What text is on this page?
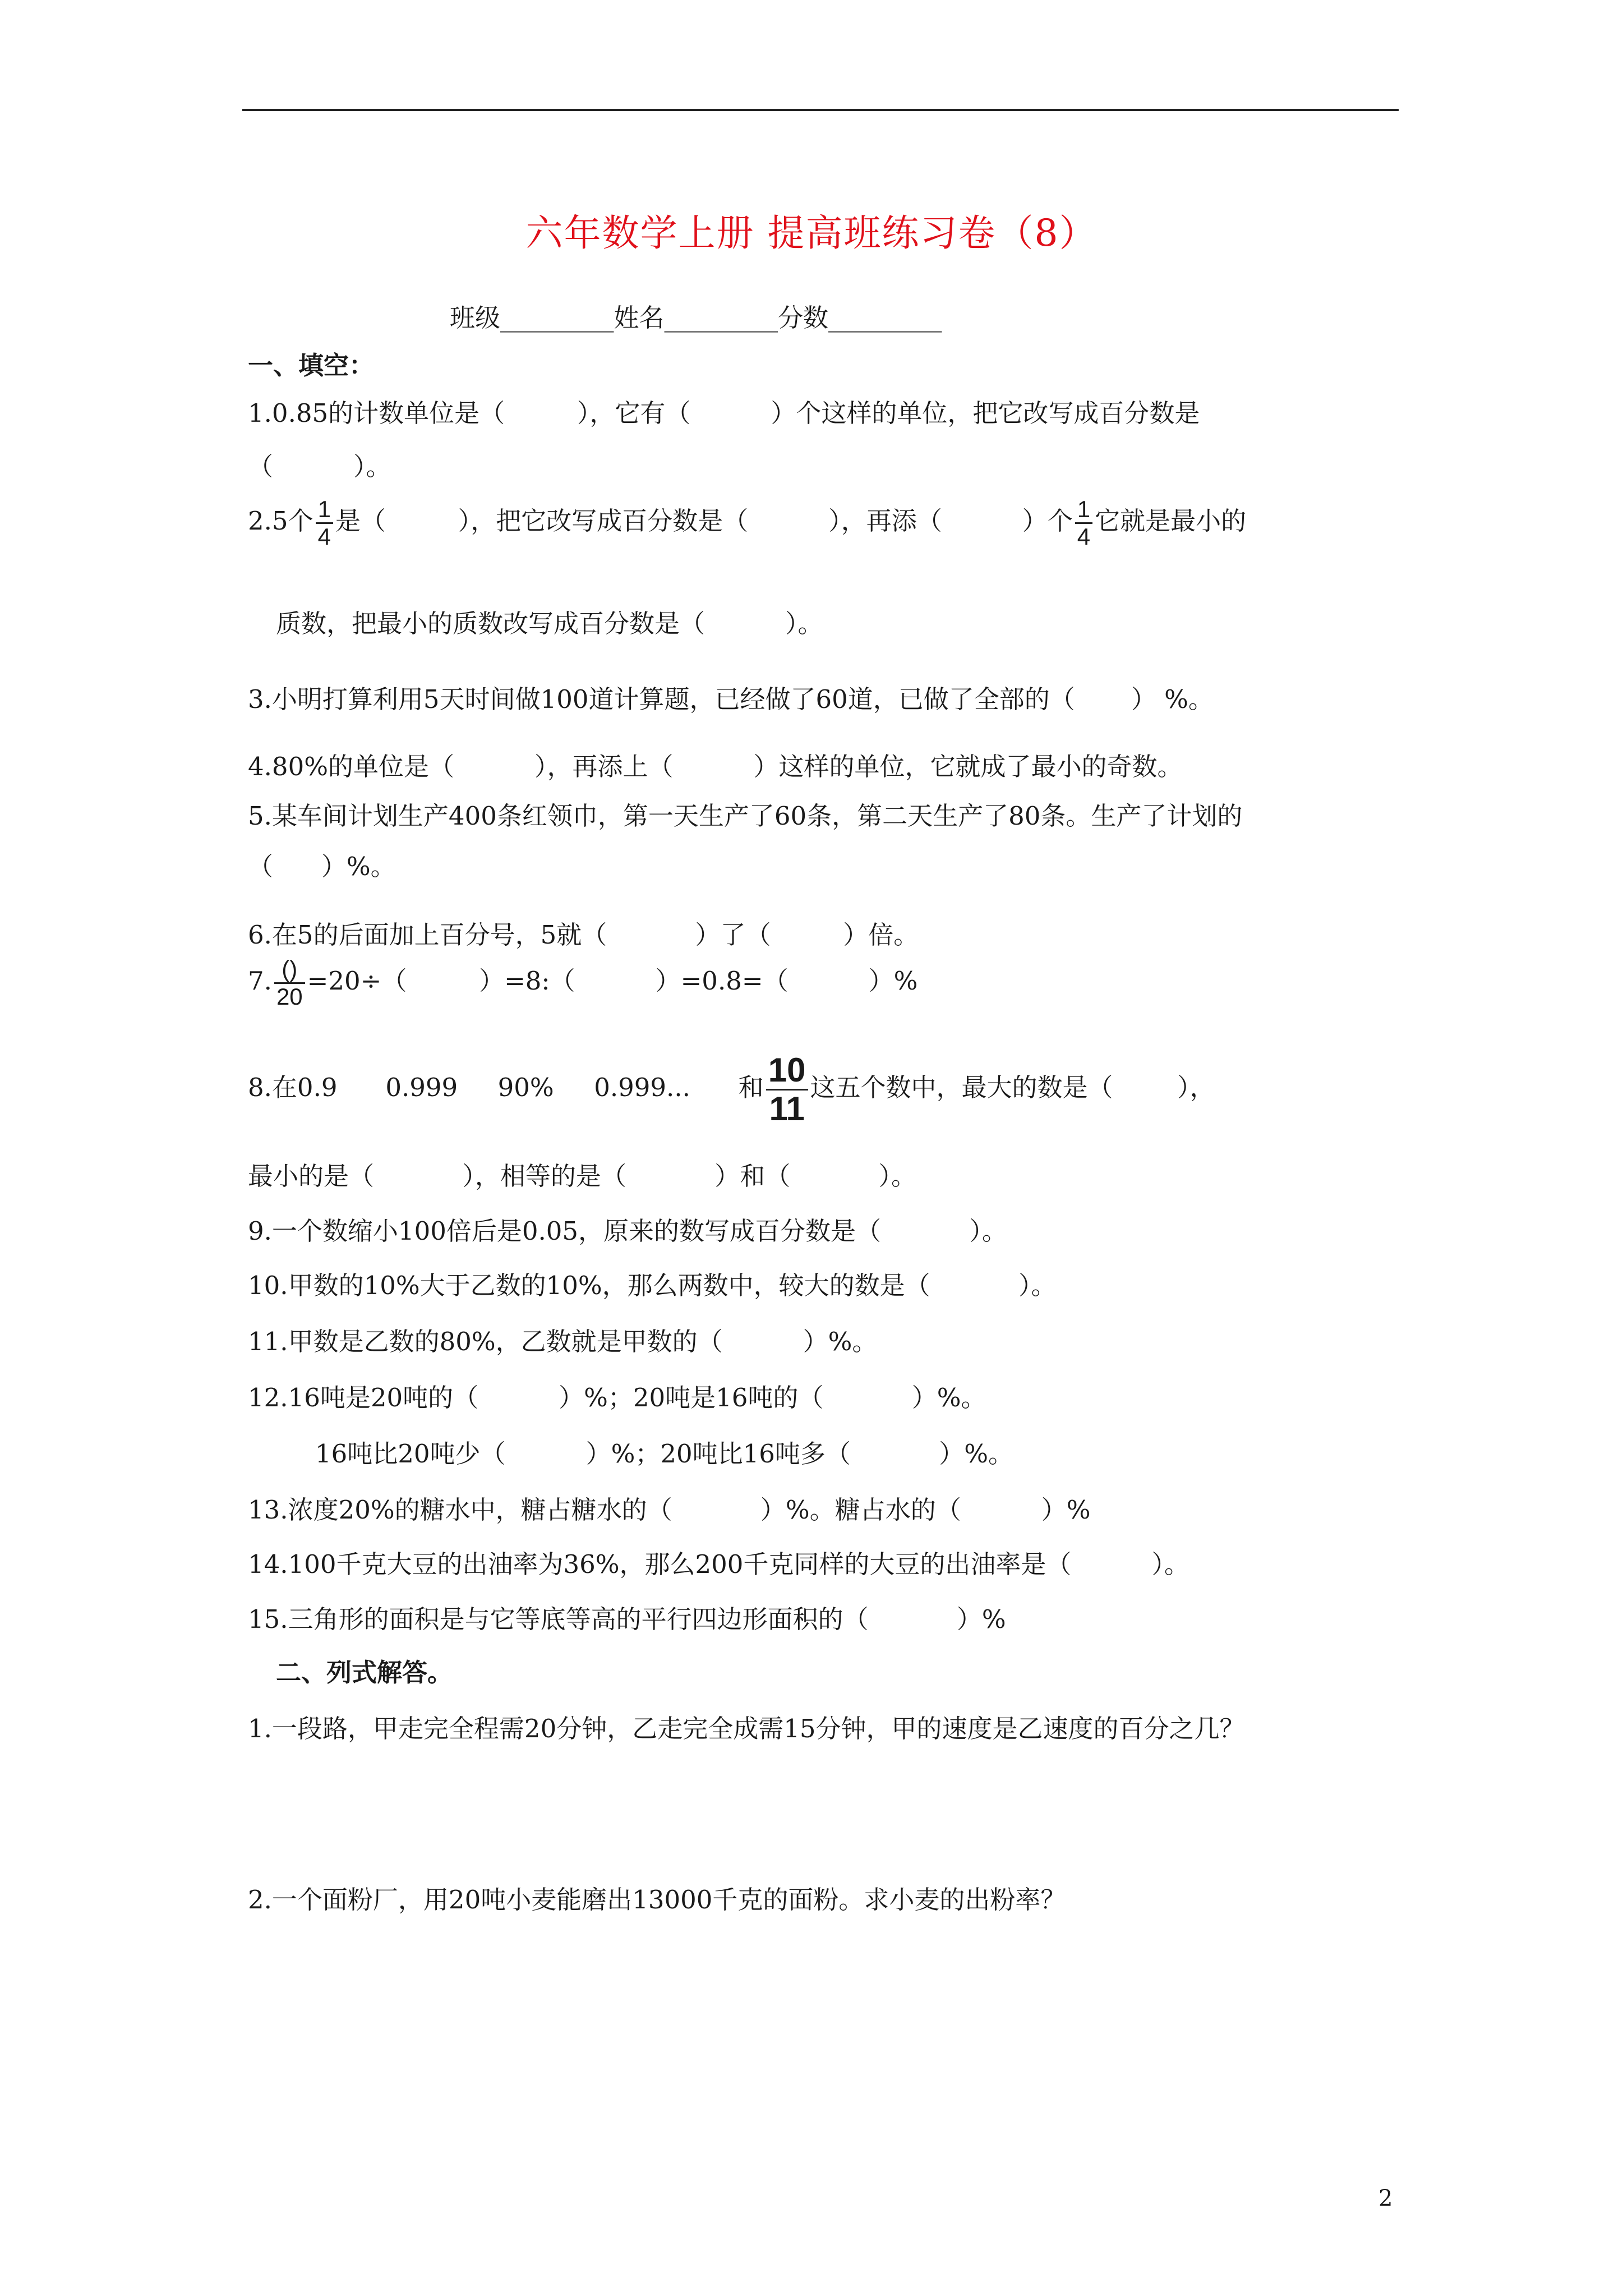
六年数学上册 提高班练习卷（8）
班级_________姓名_________分数_________
一、填空：
1.0.85的计数单位是（         ），它有（          ）个这样的单位，把它改写成百分数是
（          ）。
2.5个 $\frac{1}{4}$ 是（         ），把它改写成百分数是（          ），再添（          ）个 $\frac{1}{4}$ 它就是最小的
质数，把最小的质数改写成百分数是（          ）。
3.小明打算利用5天时间做100道计算题，已经做了60道，已做了全部的（       ） %。
4.80%的单位是（          ），再添上（          ）这样的单位，它就成了最小的奇数。
5.某车间计划生产400条红领巾，第一天生产了60条，第二天生产了80条。生产了计划的
（      ）%。
6.在5的后面加上百分号，5就（           ）了（         ）倍。
7. $\frac{()}{20} =20\div$（         ）=8:（          ）=0.8=（          ）%
8.在0.9      0.999     90%     0.999...      和 $\frac{10}{11}$ 这五个数中，最大的数是（        ），
最小的是（           ），相等的是（           ）和（           ）。
9.一个数缩小100倍后是0.05，原来的数写成百分数是（           ）。
10.甲数的10%大于乙数的10%，那么两数中，较大的数是（           ）。
11.甲数是乙数的80%，乙数就是甲数的（          ）%。
12.16吨是20吨的（          ）%；20吨是16吨的（           ）%。
16吨比20吨少（          ）%；20吨比16吨多（           ）%。
13.浓度20%的糖水中，糖占糖水的（           ）%。糖占水的（          ）%
14.100千克大豆的出油率为36%，那么200千克同样的大豆的出油率是（          ）。
15.三角形的面积是与它等底等高的平行四边形面积的（           ）%
二、列式解答。
1.一段路，甲走完全程需20分钟，乙走完全成需15分钟，甲的速度是乙速度的百分之几？
2.一个面粉厂，用20吨小麦能磨出13000千克的面粉。求小麦的出粉率？
2
